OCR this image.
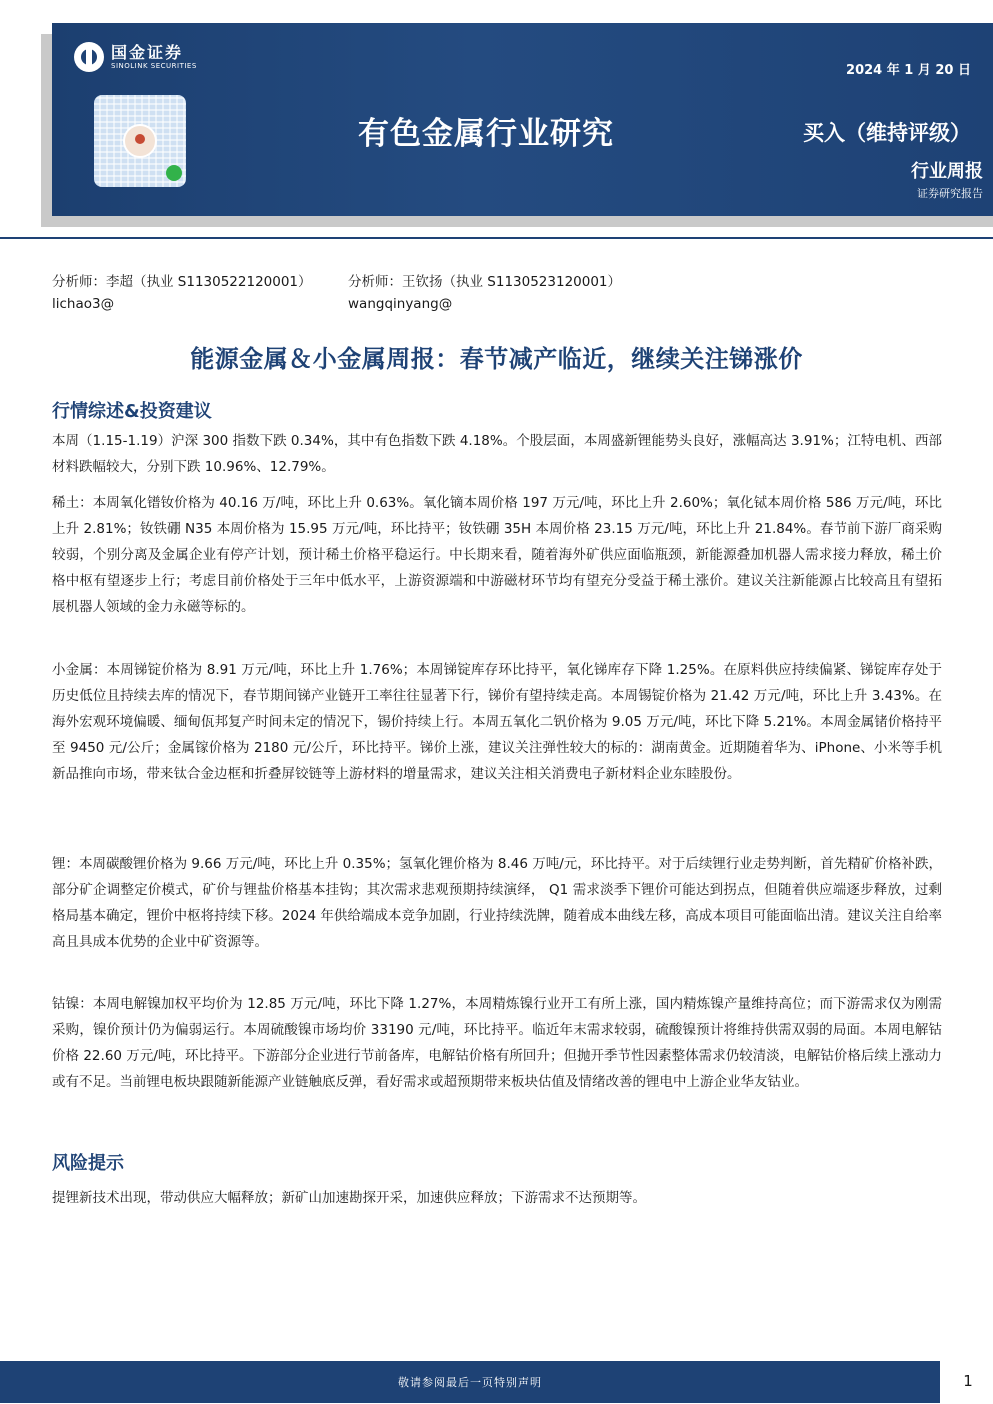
国金证券
SINOLINK SECURITIES	2024 年 1 月 20 日
有色金属行业研究	买入（维持评级）
行业周报
证券研究报告
分析师：李超（执业 S1130522120001）
lichao3@
分析师：王钦扬（执业 S1130523120001）
wangqinyang@
能源金属＆小金属周报：春节减产临近，继续关注锑涨价
行情综述&投资建议

本周（1.15-1.19）沪深 300 指数下跌 0.34%，其中有色指数下跌 4.18%。个股层面，本周盛新锂能势头良好，涨幅高达 3.91%；江特电机、西部材料跌幅较大，分别下跌 10.96%、12.79%。

稀土：本周氧化镨钕价格为 40.16 万/吨，环比上升 0.63%。氧化镝本周价格 197 万元/吨，环比上升 2.60%；氧化铽本周价格 586 万元/吨，环比上升 2.81%；钕铁硼 N35 本周价格为 15.95 万元/吨，环比持平；钕铁硼 35H 本周价格 23.15 万元/吨，环比上升 21.84%。春节前下游厂商采购较弱，个别分离及金属企业有停产计划，预计稀土价格平稳运行。中长期来看，随着海外矿供应面临瓶颈，新能源叠加机器人需求接力释放，稀土价格中枢有望逐步上行；考虑目前价格处于三年中低水平，上游资源端和中游磁材环节均有望充分受益于稀土涨价。建议关注新能源占比较高且有望拓展机器人领域的金力永磁等标的。

小金属：本周锑锭价格为 8.91 万元/吨，环比上升 1.76%；本周锑锭库存环比持平，氧化锑库存下降 1.25%。在原料供应持续偏紧、锑锭库存处于历史低位且持续去库的情况下，春节期间锑产业链开工率往往显著下行，锑价有望持续走高。本周锡锭价格为 21.42 万元/吨，环比上升 3.43%。在海外宏观环境偏暖、缅甸佤邦复产时间未定的情况下，锡价持续上行。本周五氧化二钒价格为 9.05 万元/吨，环比下降 5.21%。本周金属锗价格持平至 9450 元/公斤；金属镓价格为 2180 元/公斤，环比持平。锑价上涨，建议关注弹性较大的标的：湖南黄金。近期随着华为、iPhone、小米等手机新品推向市场，带来钛合金边框和折叠屏铰链等上游材料的增量需求，建议关注相关消费电子新材料企业东睦股份。

锂：本周碳酸锂价格为 9.66 万元/吨，环比上升 0.35%；氢氧化锂价格为 8.46 万吨/元，环比持平。对于后续锂行业走势判断，首先精矿价格补跌，部分矿企调整定价模式，矿价与锂盐价格基本挂钩；其次需求悲观预期持续演绎， Q1 需求淡季下锂价可能达到拐点，但随着供应端逐步释放，过剩格局基本确定，锂价中枢将持续下移。2024 年供给端成本竞争加剧，行业持续洗牌，随着成本曲线左移，高成本项目可能面临出清。建议关注自给率高且具成本优势的企业中矿资源等。

钴镍：本周电解镍加权平均价为 12.85 万元/吨，环比下降 1.27%，本周精炼镍行业开工有所上涨，国内精炼镍产量维持高位；而下游需求仅为刚需采购，镍价预计仍为偏弱运行。本周硫酸镍市场均价 33190 元/吨，环比持平。临近年末需求较弱，硫酸镍预计将维持供需双弱的局面。本周电解钴价格 22.60 万元/吨，环比持平。下游部分企业进行节前备库，电解钴价格有所回升；但抛开季节性因素整体需求仍较清淡，电解钴价格后续上涨动力或有不足。当前锂电板块跟随新能源产业链触底反弹，看好需求或超预期带来板块估值及情绪改善的锂电中上游企业华友钴业。

风险提示

提锂新技术出现，带动供应大幅释放；新矿山加速勘探开采，加速供应释放；下游需求不达预期等。

敬请参阅最后一页特别声明	1
